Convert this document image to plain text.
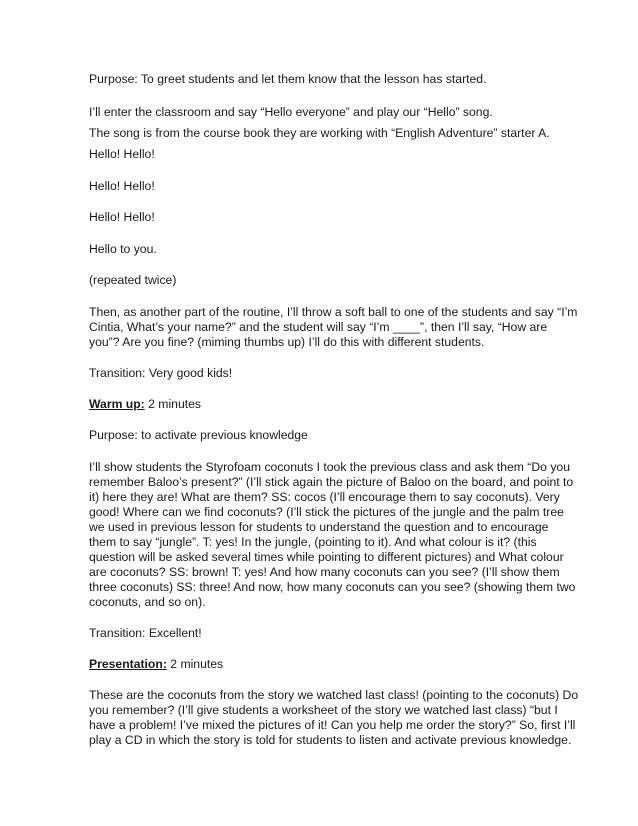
Purpose: To greet students and let them know that the lesson has started.
I’ll enter the classroom and say “Hello everyone” and play our “Hello” song.
The song is from the course book they are working with “English Adventure” starter A.
Hello! Hello!
Hello! Hello!
Hello! Hello!
Hello to you.
(repeated twice)
Then, as another part of the routine, I’ll throw a soft ball to one of the students and say “I’m
Cintia, What’s your name?” and the student will say “I’m ____”, then I’ll say, “How are
you”? Are you fine? (miming thumbs up) I’ll do this with different students.
Transition: Very good kids!
Warm up: 2 minutes
Purpose: to activate previous knowledge
I’ll show students the Styrofoam coconuts I took the previous class and ask them “Do you
remember Baloo’s present?” (I’ll stick again the picture of Baloo on the board, and point to
it) here they are! What are them? SS: cocos (I’ll encourage them to say coconuts). Very
good! Where can we find coconuts? (I’ll stick the pictures of the jungle and the palm tree
we used in previous lesson for students to understand the question and to encourage
them to say “jungle”. T: yes! In the jungle, (pointing to it). And what colour is it? (this
question will be asked several times while pointing to different pictures) and What colour
are coconuts? SS: brown! T: yes! And how many coconuts can you see? (I’ll show them
three coconuts) SS: three! And now, how many coconuts can you see? (showing them two
coconuts, and so on).
Transition: Excellent!
Presentation: 2 minutes
These are the coconuts from the story we watched last class! (pointing to the coconuts) Do
you remember? (I’ll give students a worksheet of the story we watched last class) “but I
have a problem! I’ve mixed the pictures of it! Can you help me order the story?” So, first I’ll
play a CD in which the story is told for students to listen and activate previous knowledge.
